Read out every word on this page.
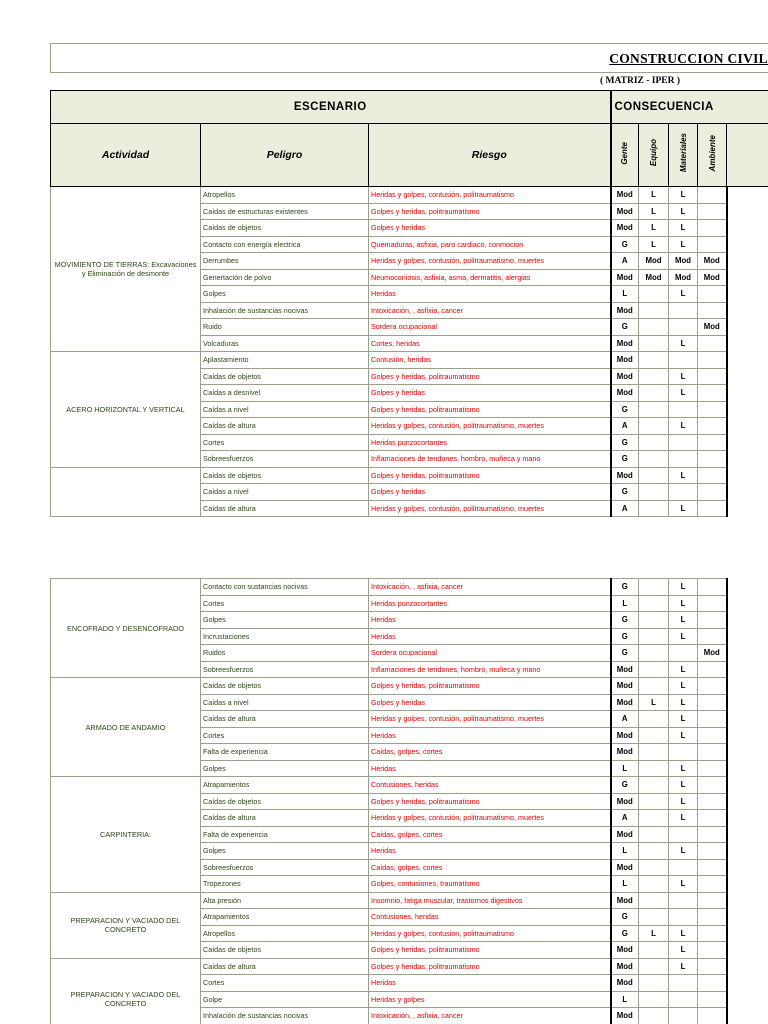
CONSTRUCCION CIVIL
( MATRIZ - IPER )
ESCENARIO			CONSECUENCIA				
Actividad	Peligro	Riesgo	Gente	Equipo	Materiales	Ambiente	
MOVIMIENTO DE TIERRAS: Excavaciones y Eliminación de desmonte	Atropellos	Heridas y golpes, contusión, politraumatismo	Mod	L	L		
	Caídas de estructuras existentes	Golpes y heridas, politraumatismo	Mod	L	L		
	Caídas de objetos	Golpes y heridas	Mod	L	L		
	Contacto con energía electrica	Quemaduras, asfixia, paro cardiaco, conmocion	G	L	L		
	Derrumbes	Heridas y golpes, contusión, politraumatismo, muertes	A	Mod	Mod	Mod	
	Genertación de polvo	Neumoconiosis, asfixia, asma, dermatitis, alergias	Mod	Mod	Mod	Mod	
	Golpes	Heridas	L		L		
	Inhalación de sustancias nocivas	Intoxicación, , asfixia, cancer	Mod				
	Ruido	Sordera ocupacional	G			Mod	
	Volcaduras	Cortes, heridas	Mod		L		
ACERO HORIZONTAL Y VERTICAL	Aplastamiento	Contusión, heridas	Mod				
	Caídas de objetos	Golpes y heridas, politraumatismo	Mod		L		
	Caídas a desnivel	Golpes y heridas	Mod		L		
	Caídas a nivel	Golpes y heridas, politraumatismo	G				
	Caídas de altura	Heridas y golpes, contusión, politraumatismo, muertes	A		L		
	Cortes	Heridas punzocortantes	G				
	Sobreesfuerzos	Inflamaciones de tendones, hombro, muñeca y mano	G				
	Caídas de objetos	Golpes y heridas, politraumatismo	Mod		L		
	Caídas a nivel	Golpes y heridas	G				
	Caídas de altura	Heridas y golpes, contusión, politraumatismo, muertes	A		L		
ENCOFRADO Y DESENCOFRADO	Contacto con sustancias nocivas	Intoxicación, , asfixia, cancer	G		L		
	Cortes	Heridas punzocortantes	L		L		
	Golpes	Heridas	G		L		
	Incrustaciones	Heridas	G		L		
	Ruidos	Sordera ocupacional	G			Mod	
	Sobreesfuerzos	Inflamaciones de tendones, hombro, muñeca y mano	Mod		L		
ARMADO DE ANDAMIO	Caídas de objetos	Golpes y heridas, politraumatismo	Mod		L		
	Caídas a nivel	Golpes y heridas	Mod	L	L		
	Caídas de altura	Heridas y golpes, contusión, politraumatismo, muertes	A		L		
	Cortes	Heridas	Mod		L		
	Falta de experiencia	Caídas, golpes, cortes	Mod				
	Golpes	Heridas	L		L		
CARPINTERIA:	Atrapamientos	Contusiones, heridas	G		L		
	Caídas de objetos	Golpes y heridas, politraumatismo	Mod		L		
	Caídas de altura	Heridas y golpes, contusión, politraumatismo, muertes	A		L		
	Falta de experiencia	Caídas, golpes, cortes	Mod				
	Golpes	Heridas	L		L		
	Sobreesfuerzos	Caídas, golpes, cortes	Mod				
	Tropezones	Golpes, contusiones, traumatismo	L		L		
PREPARACION Y VACIADO DEL CONCRETO	Alta presión	Insomnio, fatiga muscular, trastornos digestivos	Mod				
	Atrapamientos	Contusiones, heridas	G				
	Atropellos	Heridas y golpes, contusion, politraumatismo	G	L	L		
	Caídas de objetos	Golpes y heridas, politraumatismo	Mod		L		
PREPARACION Y VACIADO DEL CONCRETO	Caídas de altura	Golpes y heridas, politraumatismo	Mod		L		
	Cortes	Heridas	Mod				
	Golpe	Heridas y golpes	L				
	Inhalación de sustancias nocivas	Intoxicación, , asfixia, cancer	Mod				
